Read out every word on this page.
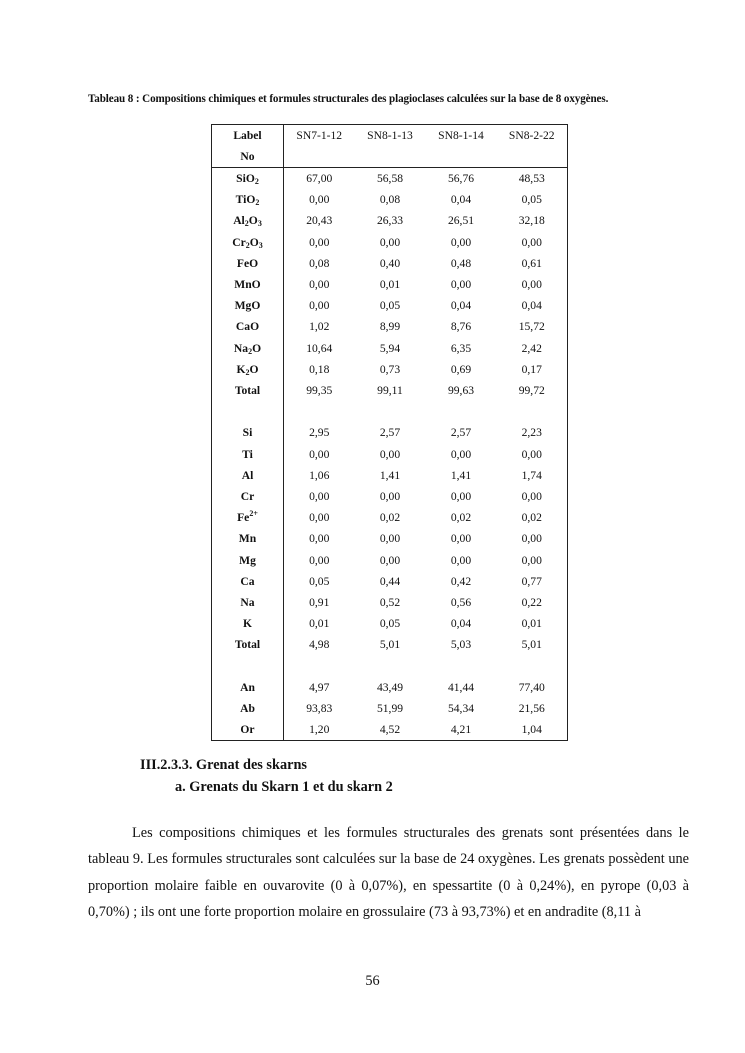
Tableau 8 : Compositions chimiques et formules structurales des plagioclases calculées sur la base de 8 oxygènes.
Label	SN7-1-12	SN8-1-13	SN8-1-14	SN8-2-22
No				
SiO$_2$	67,00	56,58	56,76	48,53
TiO$_2$	0,00	0,08	0,04	0,05
$Al_2O_3$	20,43	26,33	26,51	32,18
$Cr_2O_3$	0,00	0,00	0,00	0,00
FeO	0,08	0,40	0,48	0,61
MnO	0,00	0,01	0,00	0,00
MgO	0,00	0,05	0,04	0,04
CaO	1,02	8,99	8,76	15,72
$Na_2O$	10,64	5,94	6,35	2,42
$K_2O$	0,18	0,73	0,69	0,17
Total	99,35	99,11	99,63	99,72

Si	2,95	2,57	2,57	2,23
Ti	0,00	0,00	0,00	0,00
Al	1,06	1,41	1,41	1,74
Cr	0,00	0,00	0,00	0,00
$Fe^{2+}$	0,00	0,02	0,02	0,02
Mn	0,00	0,00	0,00	0,00
Mg	0,00	0,00	0,00	0,00
Ca	0,05	0,44	0,42	0,77
Na	0,91	0,52	0,56	0,22
K	0,01	0,05	0,04	0,01
Total	4,98	5,01	5,03	5,01

An	4,97	43,49	41,44	77,40
Ab	93,83	51,99	54,34	21,56
Or	1,20	4,52	4,21	1,04
III.2.3.3. Grenat des skarns
a. Grenats du Skarn 1 et du skarn 2
Les compositions chimiques et les formules structurales des grenats sont présentées dans le tableau 9. Les formules structurales sont calculées sur la base de 24 oxygènes. Les grenats possèdent une proportion molaire faible en ouvarovite (0 à 0,07%), en spessartite (0 à 0,24%), en pyrope (0,03 à 0,70%) ; ils ont une forte proportion molaire en grossulaire (73 à 93,73%) et en andradite (8,11 à
56
